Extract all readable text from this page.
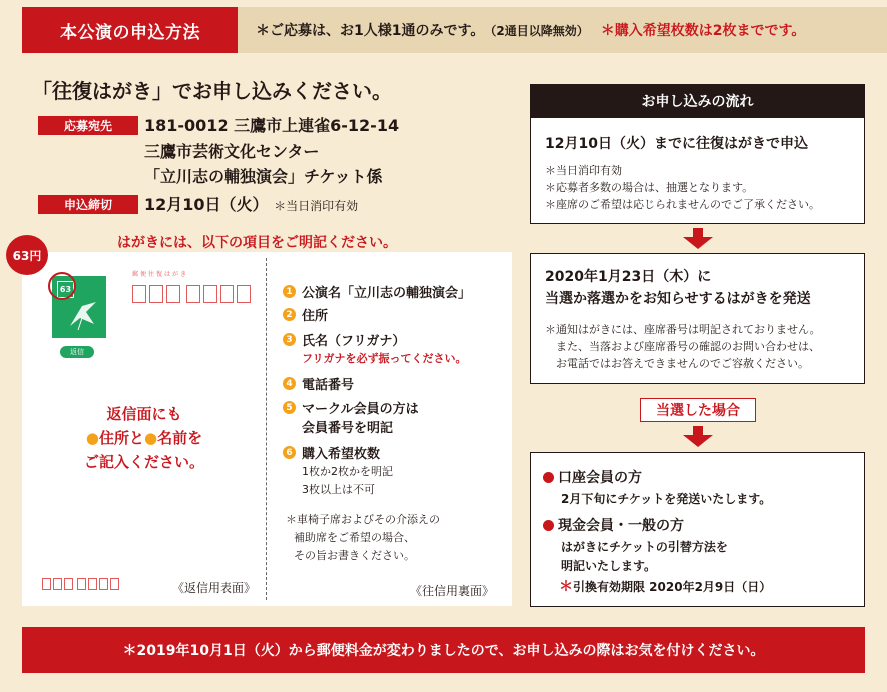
本公演の申込方法	＊ご応募は、お1人様1通のみです。 （2通目以降無効） ＊購入希望枚数は2枚までです。
「往復はがき」でお申し込みください。
応募宛先	181-0012 三鷹市上連雀6-12-14
三鷹市芸術文化センター
「立川志の輔独演会」チケット係
申込締切	12月10日（火） ＊当日消印有効
はがきには、以下の項目をご明記ください。
63円
63
返信
郵便往復はがき
返信面にも
●住所と●名前を
ご記入ください。
《返信用表面》	《往信用裏面》
1 公演名「立川志の輔独演会」
2 住所
3 氏名（フリガナ）
フリガナを必ず振ってください。
4 電話番号
5 マークル会員の方は
会員番号を明記
6 購入希望枚数
1枚か2枚かを明記
3枚以上は不可
＊車椅子席およびその介添えの
補助席をご希望の場合、
その旨お書きください。
お申し込みの流れ
12月10日（火）までに往復はがきで申込
＊当日消印有効
＊応募者多数の場合は、抽選となります。
＊座席のご希望は応じられませんのでご了承ください。
2020年1月23日（木）に
当選か落選かをお知らせするはがきを発送
＊通知はがきには、座席番号は明記されておりません。
　また、当落および座席番号の確認のお問い合わせは、
　お電話ではお答えできませんのでご容赦ください。
当選した場合
口座会員の方
2月下旬にチケットを発送いたします。
現金会員・一般の方
はがきにチケットの引替方法を
明記いたします。
＊引換有効期限 2020年2月9日（日）
＊2019年10月1日（火）から郵便料金が変わりましたので、お申し込みの際はお気を付けください。
